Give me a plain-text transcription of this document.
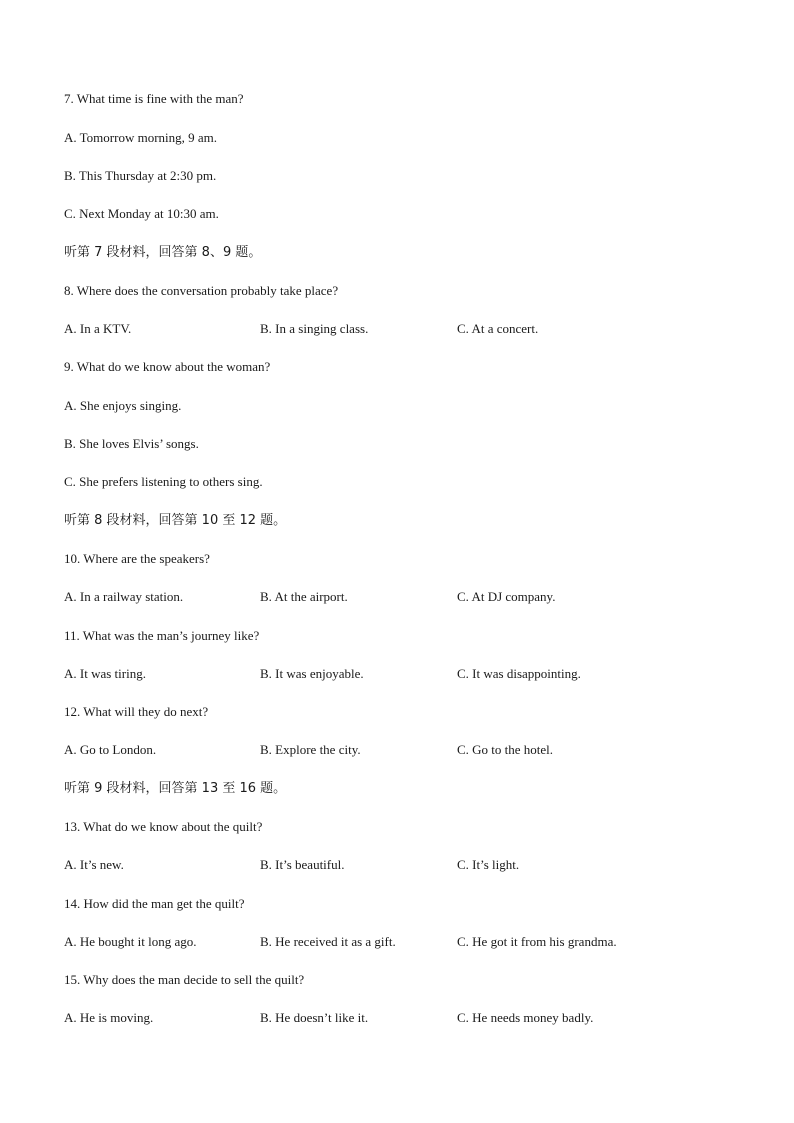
7. What time is fine with the man?
A. Tomorrow morning, 9 am.
B. This Thursday at 2:30 pm.
C. Next Monday at 10:30 am.
听第 7 段材料，回答第 8、9 题。
8. Where does the conversation probably take place?
A. In a KTV.	B. In a singing class.	C. At a concert.
9. What do we know about the woman?
A. She enjoys singing.
B. She loves Elvis’ songs.
C. She prefers listening to others sing.
听第 8 段材料，回答第 10 至 12 题。
10. Where are the speakers?
A. In a railway station.	B. At the airport.	C. At DJ company.
11. What was the man’s journey like?
A. It was tiring.	B. It was enjoyable.	C. It was disappointing.
12. What will they do next?
A. Go to London.	B. Explore the city.	C. Go to the hotel.
听第 9 段材料，回答第 13 至 16 题。
13. What do we know about the quilt?
A. It’s new.	B. It’s beautiful.	C. It’s light.
14. How did the man get the quilt?
A. He bought it long ago.	B. He received it as a gift.	C. He got it from his grandma.
15. Why does the man decide to sell the quilt?
A. He is moving.	B. He doesn’t like it.	C. He needs money badly.
